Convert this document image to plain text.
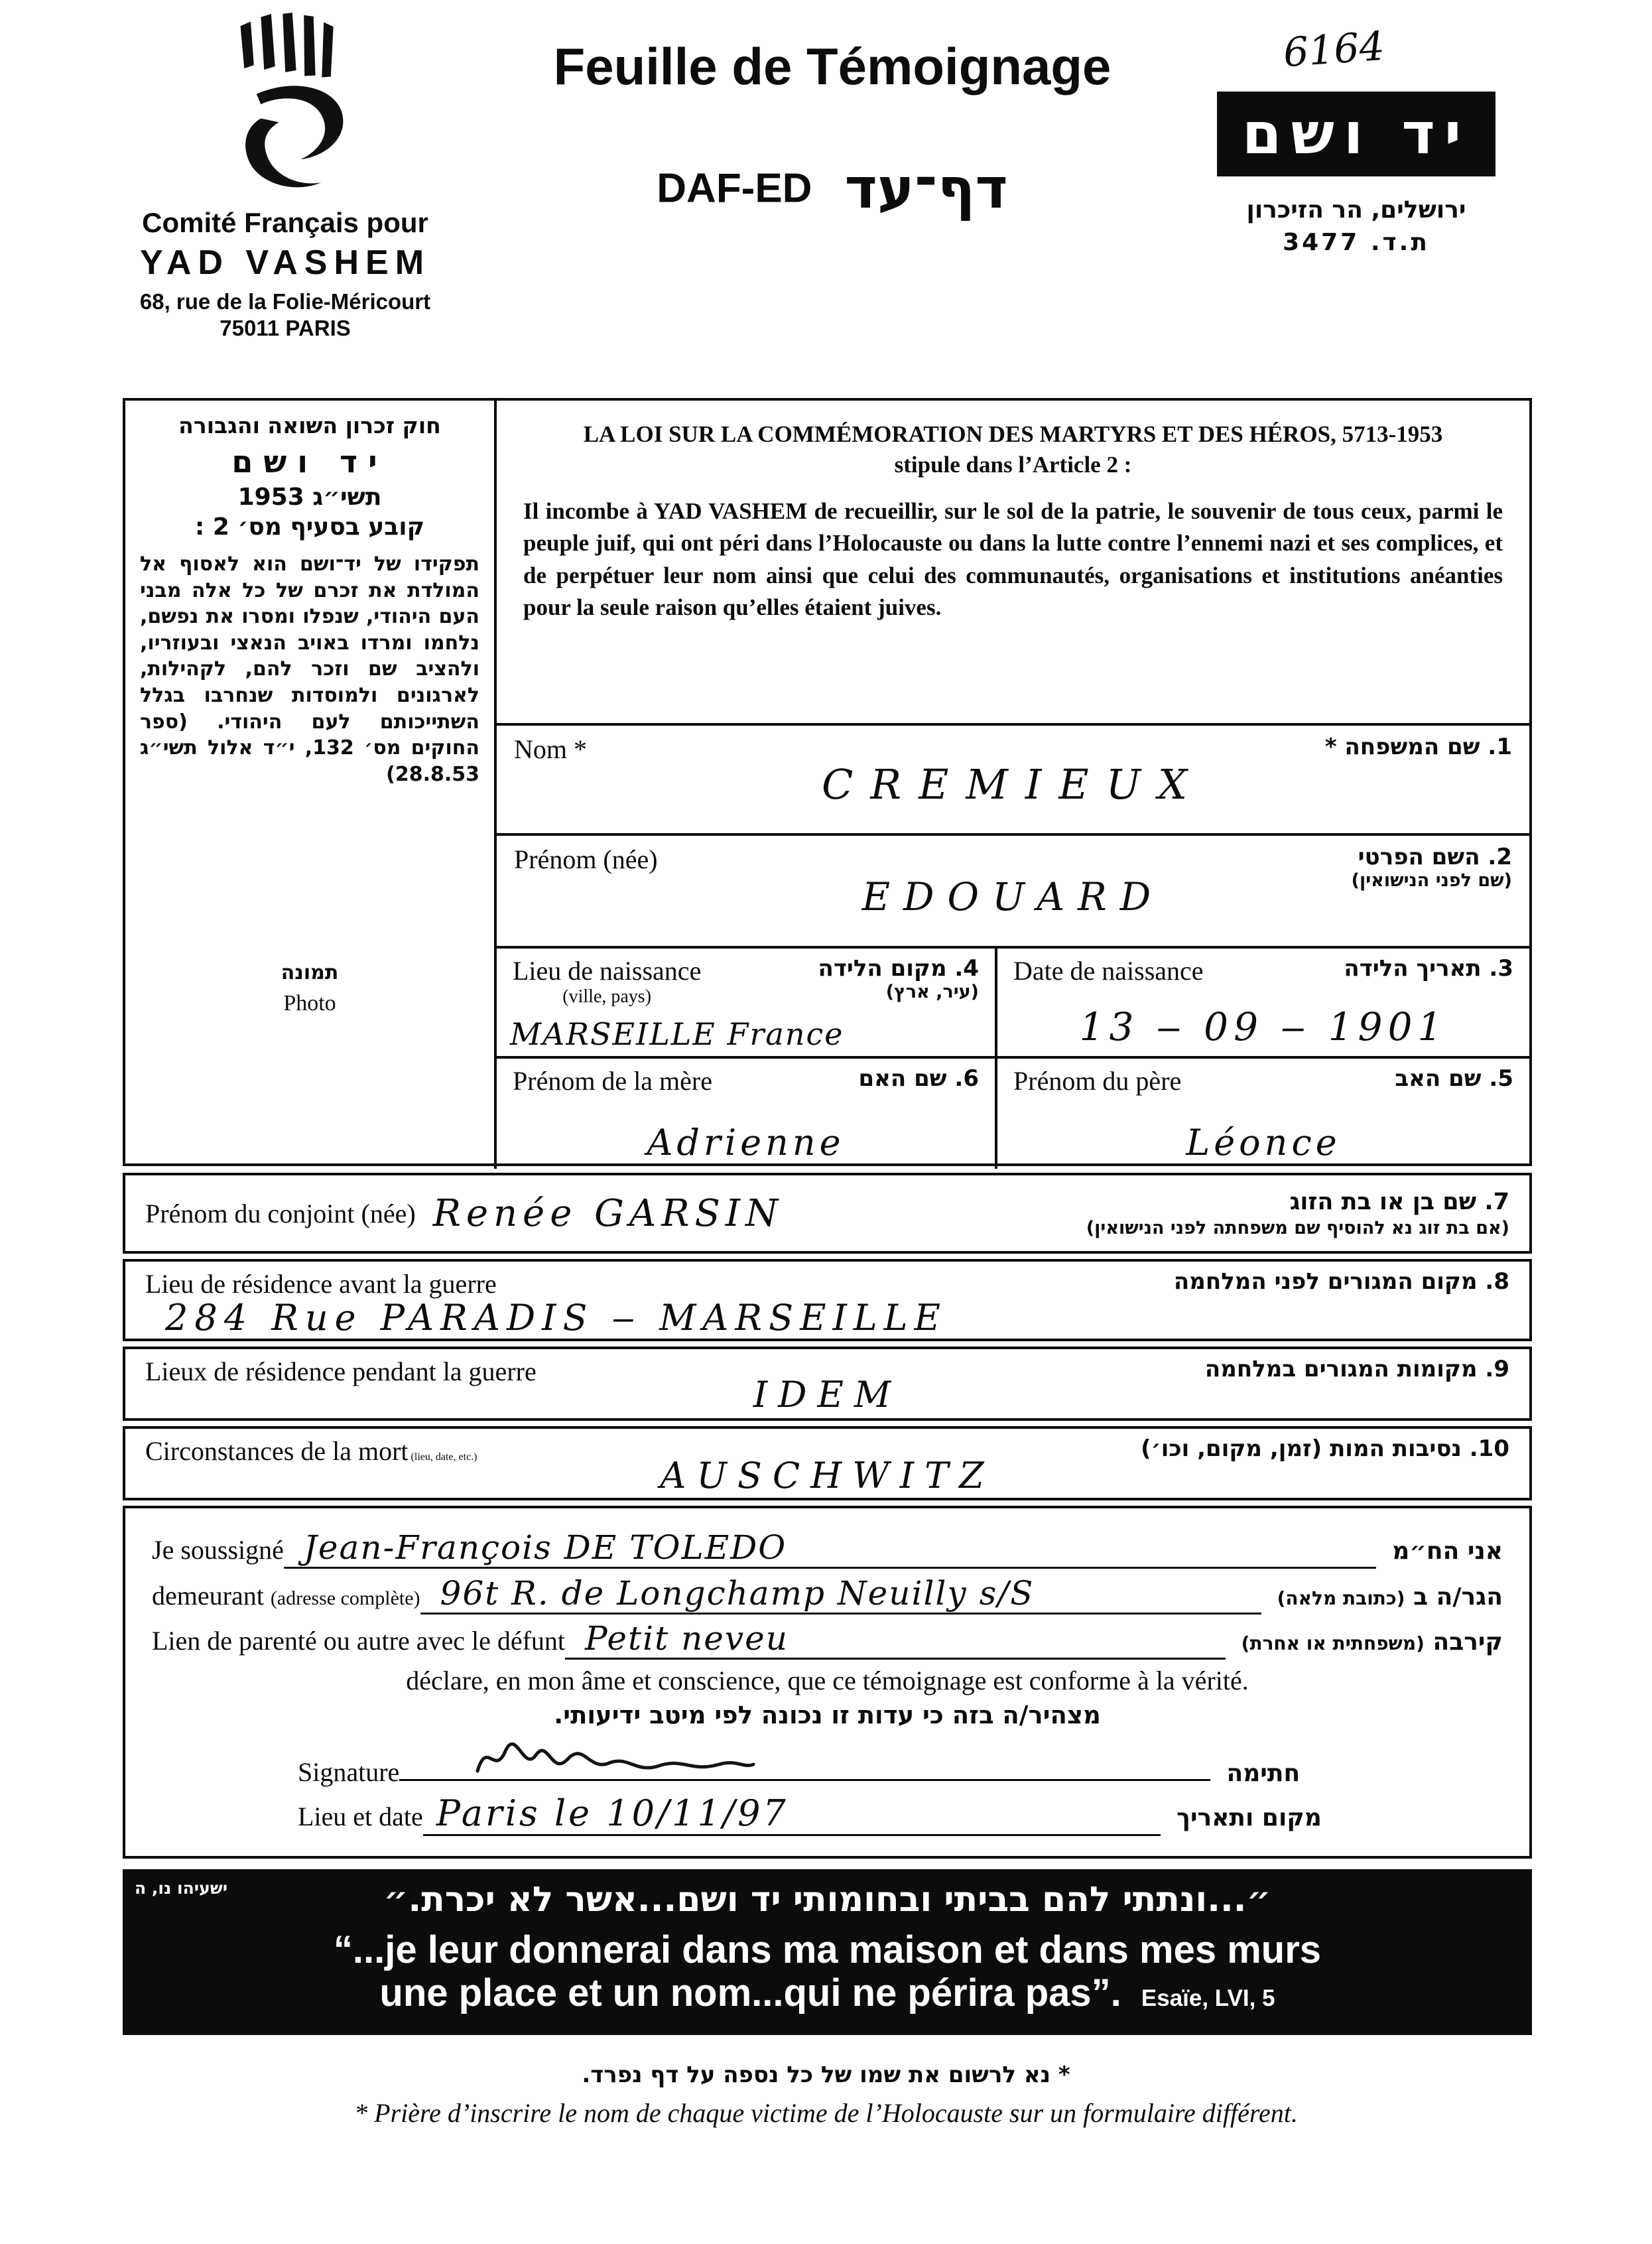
Comité Français pour
YAD VASHEM
68, rue de la Folie-Méricourt
75011 PARIS
Feuille de Témoignage
DAF-ED דף־עד
6164
יד ושם
ירושלים, הר הזיכרון
ת.ד. 3477
חוק זכרון השואה והגבורה
יד ושם
תשי״ג 1953
קובע בסעיף מס׳ 2 :
תפקידו של יד־ושם הוא לאסוף אל המולדת את זכרם של כל אלה מבני העם היהודי, שנפלו ומסרו את נפשם, נלחמו ומרדו באויב הנאצי ובעוזריו, ולהציב שם וזכר להם, לקהילות, לארגונים ולמוסדות שנחרבו בגלל השתייכותם לעם היהודי. (ספר החוקים מס׳ 132, י״ד אלול תשי״ג 28.8.53)
תמונה
Photo
LA LOI SUR LA COMMÉMORATION DES MARTYRS ET DES HÉROS, 5713-1953
stipule dans l’Article 2 :
Il incombe à YAD VASHEM de recueillir, sur le sol de la patrie, le souvenir de tous ceux, parmi le peuple juif, qui ont péri dans l’Holocauste ou dans la lutte contre l’ennemi nazi et ses complices, et de perpétuer leur nom ainsi que celui des communautés, organisations et institutions anéanties pour la seule raison qu’elles étaient juives.
Nom *	1. שם המשפחה *
CREMIEUX
Prénom (née)	2. השם הפרטי
(שם לפני הנישואין)
EDOUARD
Lieu de naissance
(ville, pays)
4. מקום הלידה
(עיר, ארץ)
MARSEILLE France
Date de naissance	3. תאריך הלידה
13 ‒ 09 ‒ 1901
Prénom de la mère	6. שם האם
Adrienne
Prénom du père	5. שם האב
Léonce
Prénom du conjoint (née) Renée GARSIN	7. שם בן או בת הזוג
(אם בת זוג נא להוסיף שם משפחתה לפני הנישואין)
Lieu de résidence avant la guerre	8. מקום המגורים לפני המלחמה
284 Rue PARADIS ‒ MARSEILLE
Lieux de résidence pendant la guerre	9. מקומות המגורים במלחמה
IDEM
Circonstances de la mort (lieu, date, etc.)	10. נסיבות המות (זמן, מקום, וכו׳)
AUSCHWITZ
Je soussigné Jean-François DE TOLEDO	אני הח״מ
demeurant (adresse complète) 96t R. de Longchamp Neuilly s/S	הגר/ה ב (כתובת מלאה)
Lien de parenté ou autre avec le défunt Petit neveu	קירבה (משפחתית או אחרת)
déclare, en mon âme et conscience, que ce témoignage est conforme à la vérité.
מצהיר/ה בזה כי עדות זו נכונה לפי מיטב ידיעותי.
Signature	חתימה
Lieu et date Paris le 10/11/97	מקום ותאריך
״...ונתתי להם בביתי ובחומותי יד ושם...אשר לא יכרת.״
ישעיהו נו, ה
“...je leur donnerai dans ma maison et dans mes murs
une place et un nom...qui ne périra pas”. Esaïe, LVI, 5
* נא לרשום את שמו של כל נספה על דף נפרד.
* Prière d’inscrire le nom de chaque victime de l’Holocauste sur un formulaire différent.
